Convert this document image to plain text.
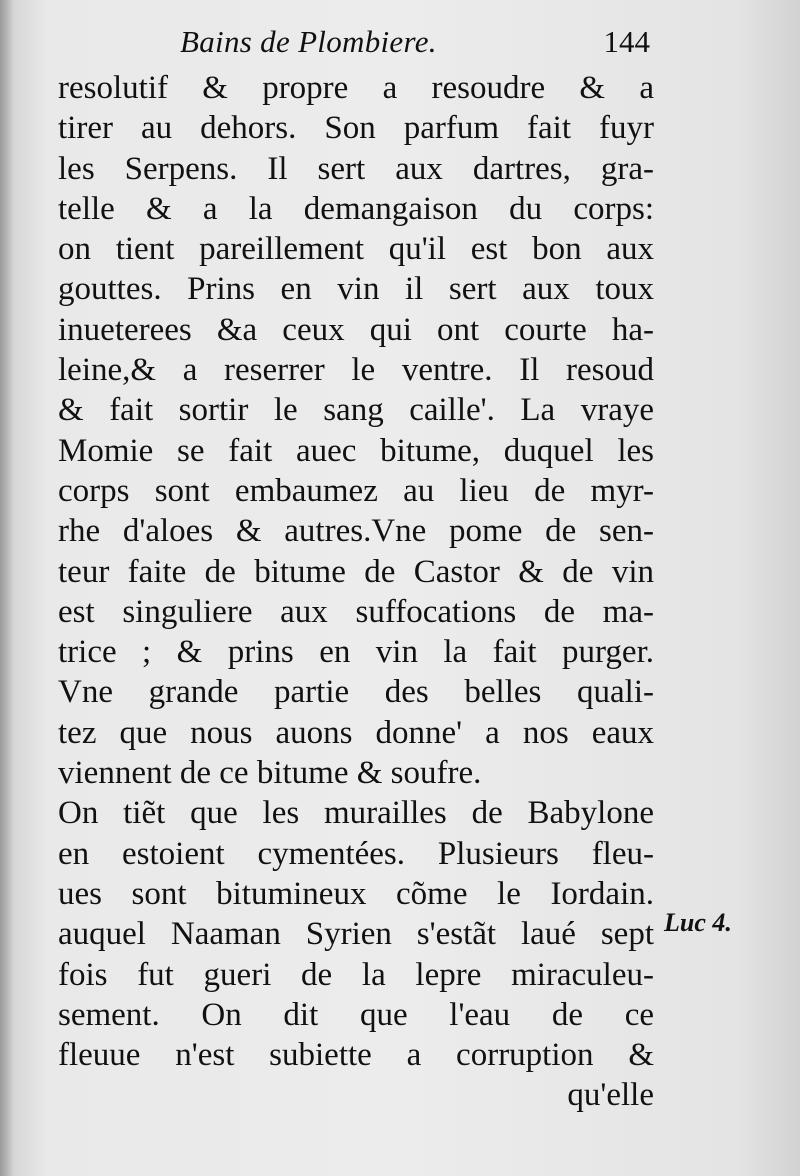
Bains de Plombiere.	144
resolutif & propre a resoudre & a
tirer au dehors. Son parfum fait fuyr
les Serpens. Il sert aux dartres, gra-
telle & a la demangaison du corps:
on tient pareillement qu'il est bon aux
gouttes. Prins en vin il sert aux toux
inueterees &a ceux qui ont courte ha-
leine,& a reserrer le ventre. Il resoud
& fait sortir le sang caille'. La vraye
Momie se fait auec bitume, duquel les
corps sont embaumez au lieu de myr-
rhe d'aloes & autres.Vne pome de sen-
teur faite de bitume de Castor & de vin
est singuliere aux suffocations de ma-
trice ; & prins en vin la fait purger.
Vne grande partie des belles quali-
tez que nous auons donne' a nos eaux
viennent de ce bitume & soufre.
On tiẽt que les murailles de Babylone
en estoient cymentées. Plusieurs fleu-
ues sont bitumineux cõme le Iordain.
auquel Naaman Syrien s'estãt laué sept
fois fut gueri de la lepre miraculeu-
sement. On dit que l'eau de ce
fleuue n'est subiette a corruption &
qu'elle
Luc 4.
